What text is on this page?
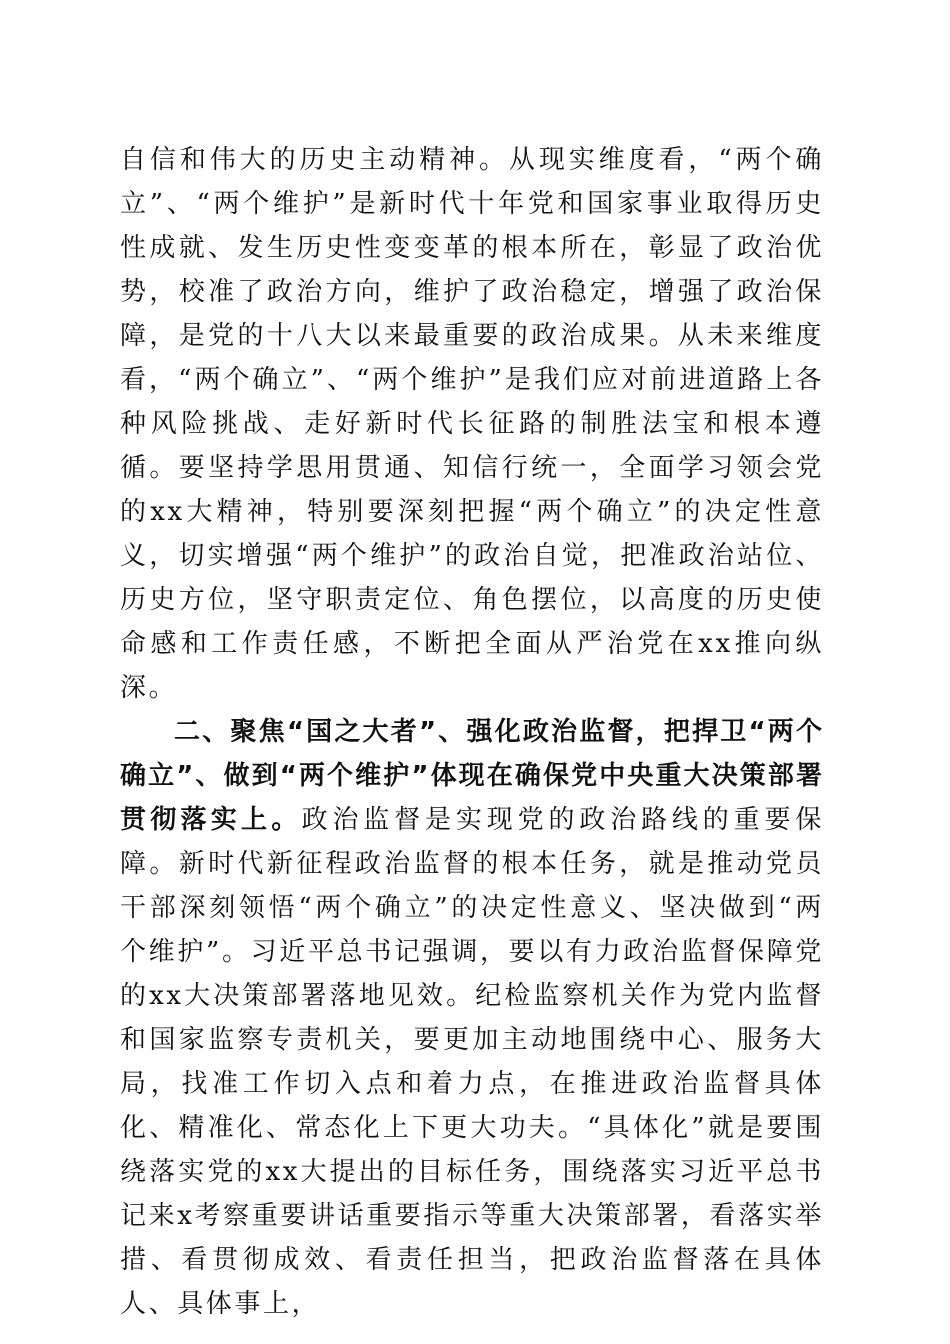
自信和伟大的历史主动精神。从现实维度看，“两个确立”、“两个维护”是新时代十年党和国家事业取得历史性成就、发生历史性变变革的根本所在，彰显了政治优势，校准了政治方向，维护了政治稳定，增强了政治保障，是党的十八大以来最重要的政治成果。从未来维度看，“两个确立”、“两个维护”是我们应对前进道路上各种风险挑战、走好新时代长征路的制胜法宝和根本遵循。要坚持学思用贯通、知信行统一，全面学习领会党的xx大精神，特别要深刻把握“两个确立”的决定性意义，切实增强“两个维护”的政治自觉，把准政治站位、历史方位，坚守职责定位、角色摆位，以高度的历史使命感和工作责任感，不断把全面从严治党在xx推向纵深。

二、聚焦“国之大者”、强化政治监督，把捍卫“两个确立”、做到“两个维护”体现在确保党中央重大决策部署贯彻落实上。政治监督是实现党的政治路线的重要保障。新时代新征程政治监督的根本任务，就是推动党员干部深刻领悟“两个确立”的决定性意义、坚决做到“两个维护”。习近平总书记强调，要以有力政治监督保障党的xx大决策部署落地见效。纪检监察机关作为党内监督和国家监察专责机关，要更加主动地围绕中心、服务大局，找准工作切入点和着力点，在推进政治监督具体化、精准化、常态化上下更大功夫。“具体化”就是要围绕落实党的xx大提出的目标任务，围绕落实习近平总书记来x考察重要讲话重要指示等重大决策部署，看落实举措、看贯彻成效、看责任担当，把政治监督落在具体人、具体事上，
